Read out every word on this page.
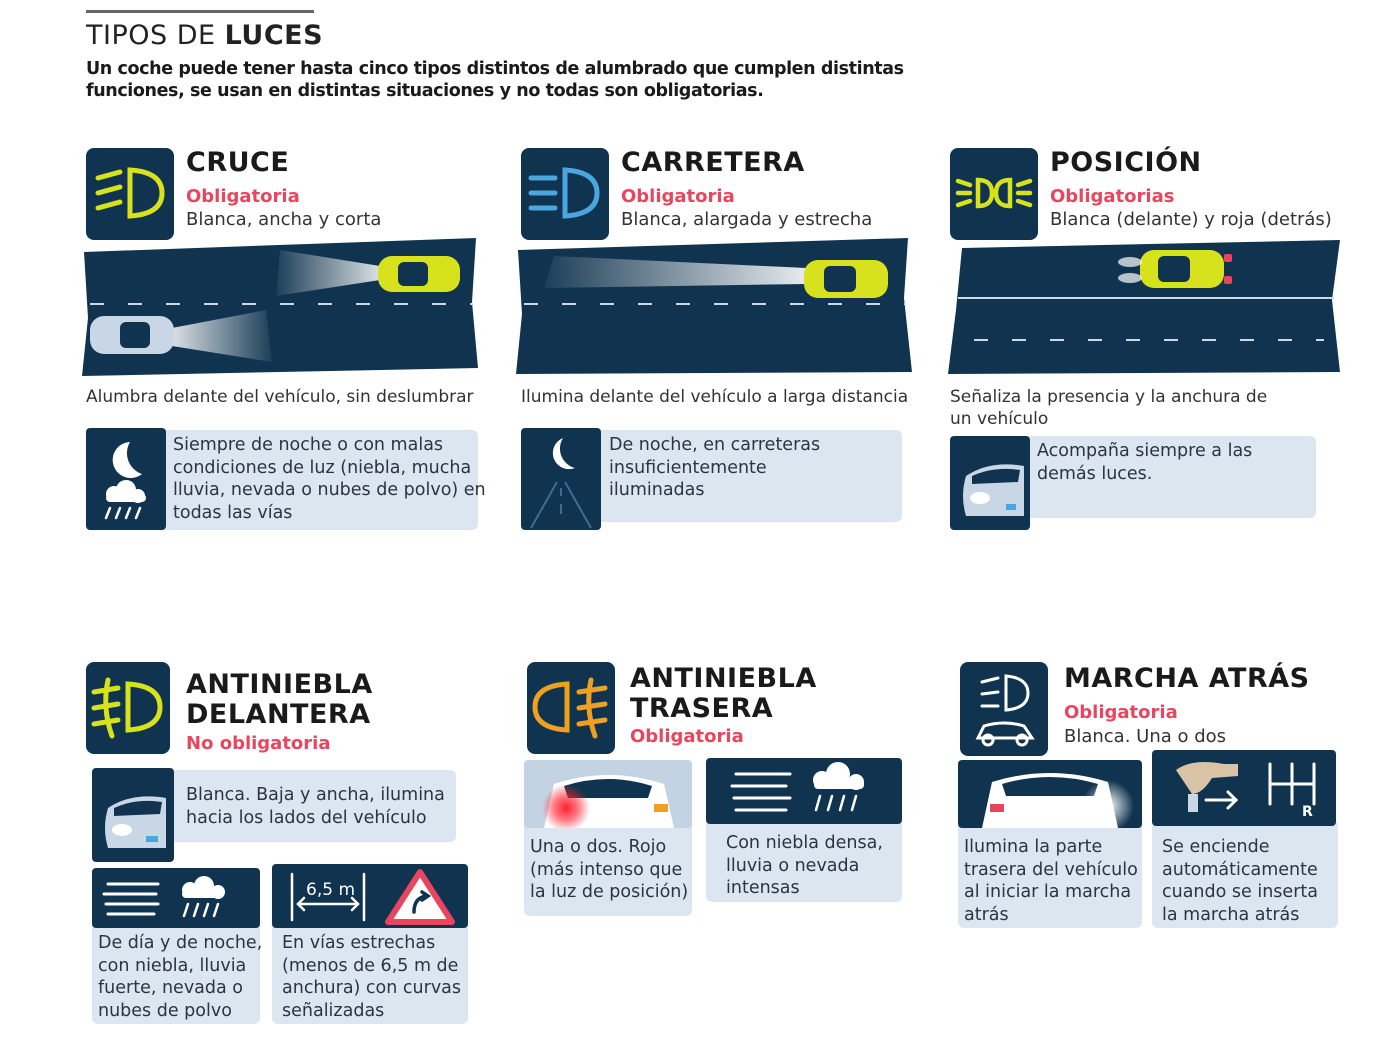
TIPOS DE LUCES
Un coche puede tener hasta cinco tipos distintos de alumbrado que cumplen distintas
funciones, se usan en distintas situaciones y no todas son obligatorias.
CRUCE
Obligatoria
Blanca, ancha y corta
Alumbra delante del vehículo, sin deslumbrar
Siempre de noche o con malas
condiciones de luz (niebla, mucha
lluvia, nevada o nubes de polvo) en
todas las vías
CARRETERA
Obligatoria
Blanca, alargada y estrecha
Ilumina delante del vehículo a larga distancia
De noche, en carreteras
insuficientemente
iluminadas
POSICIÓN
Obligatorias
Blanca (delante) y roja (detrás)
Señaliza la presencia y la anchura de
un vehículo
Acompaña siempre a las
demás luces.
ANTINIEBLA
DELANTERA
No obligatoria
Blanca. Baja y ancha, ilumina
hacia los lados del vehículo
De día y de noche,
con niebla, lluvia
fuerte, nevada o
nubes de polvo
6,5 m
En vías estrechas
(menos de 6,5 m de
anchura) con curvas
señalizadas
ANTINIEBLA
TRASERA
Obligatoria
Una o dos. Rojo
(más intenso que
la luz de posición)
Con niebla densa,
lluvia o nevada
intensas
MARCHA ATRÁS
Obligatoria
Blanca. Una o dos
Ilumina la parte
trasera del vehículo
al iniciar la marcha
atrás
R
Se enciende
automáticamente
cuando se inserta
la marcha atrás
